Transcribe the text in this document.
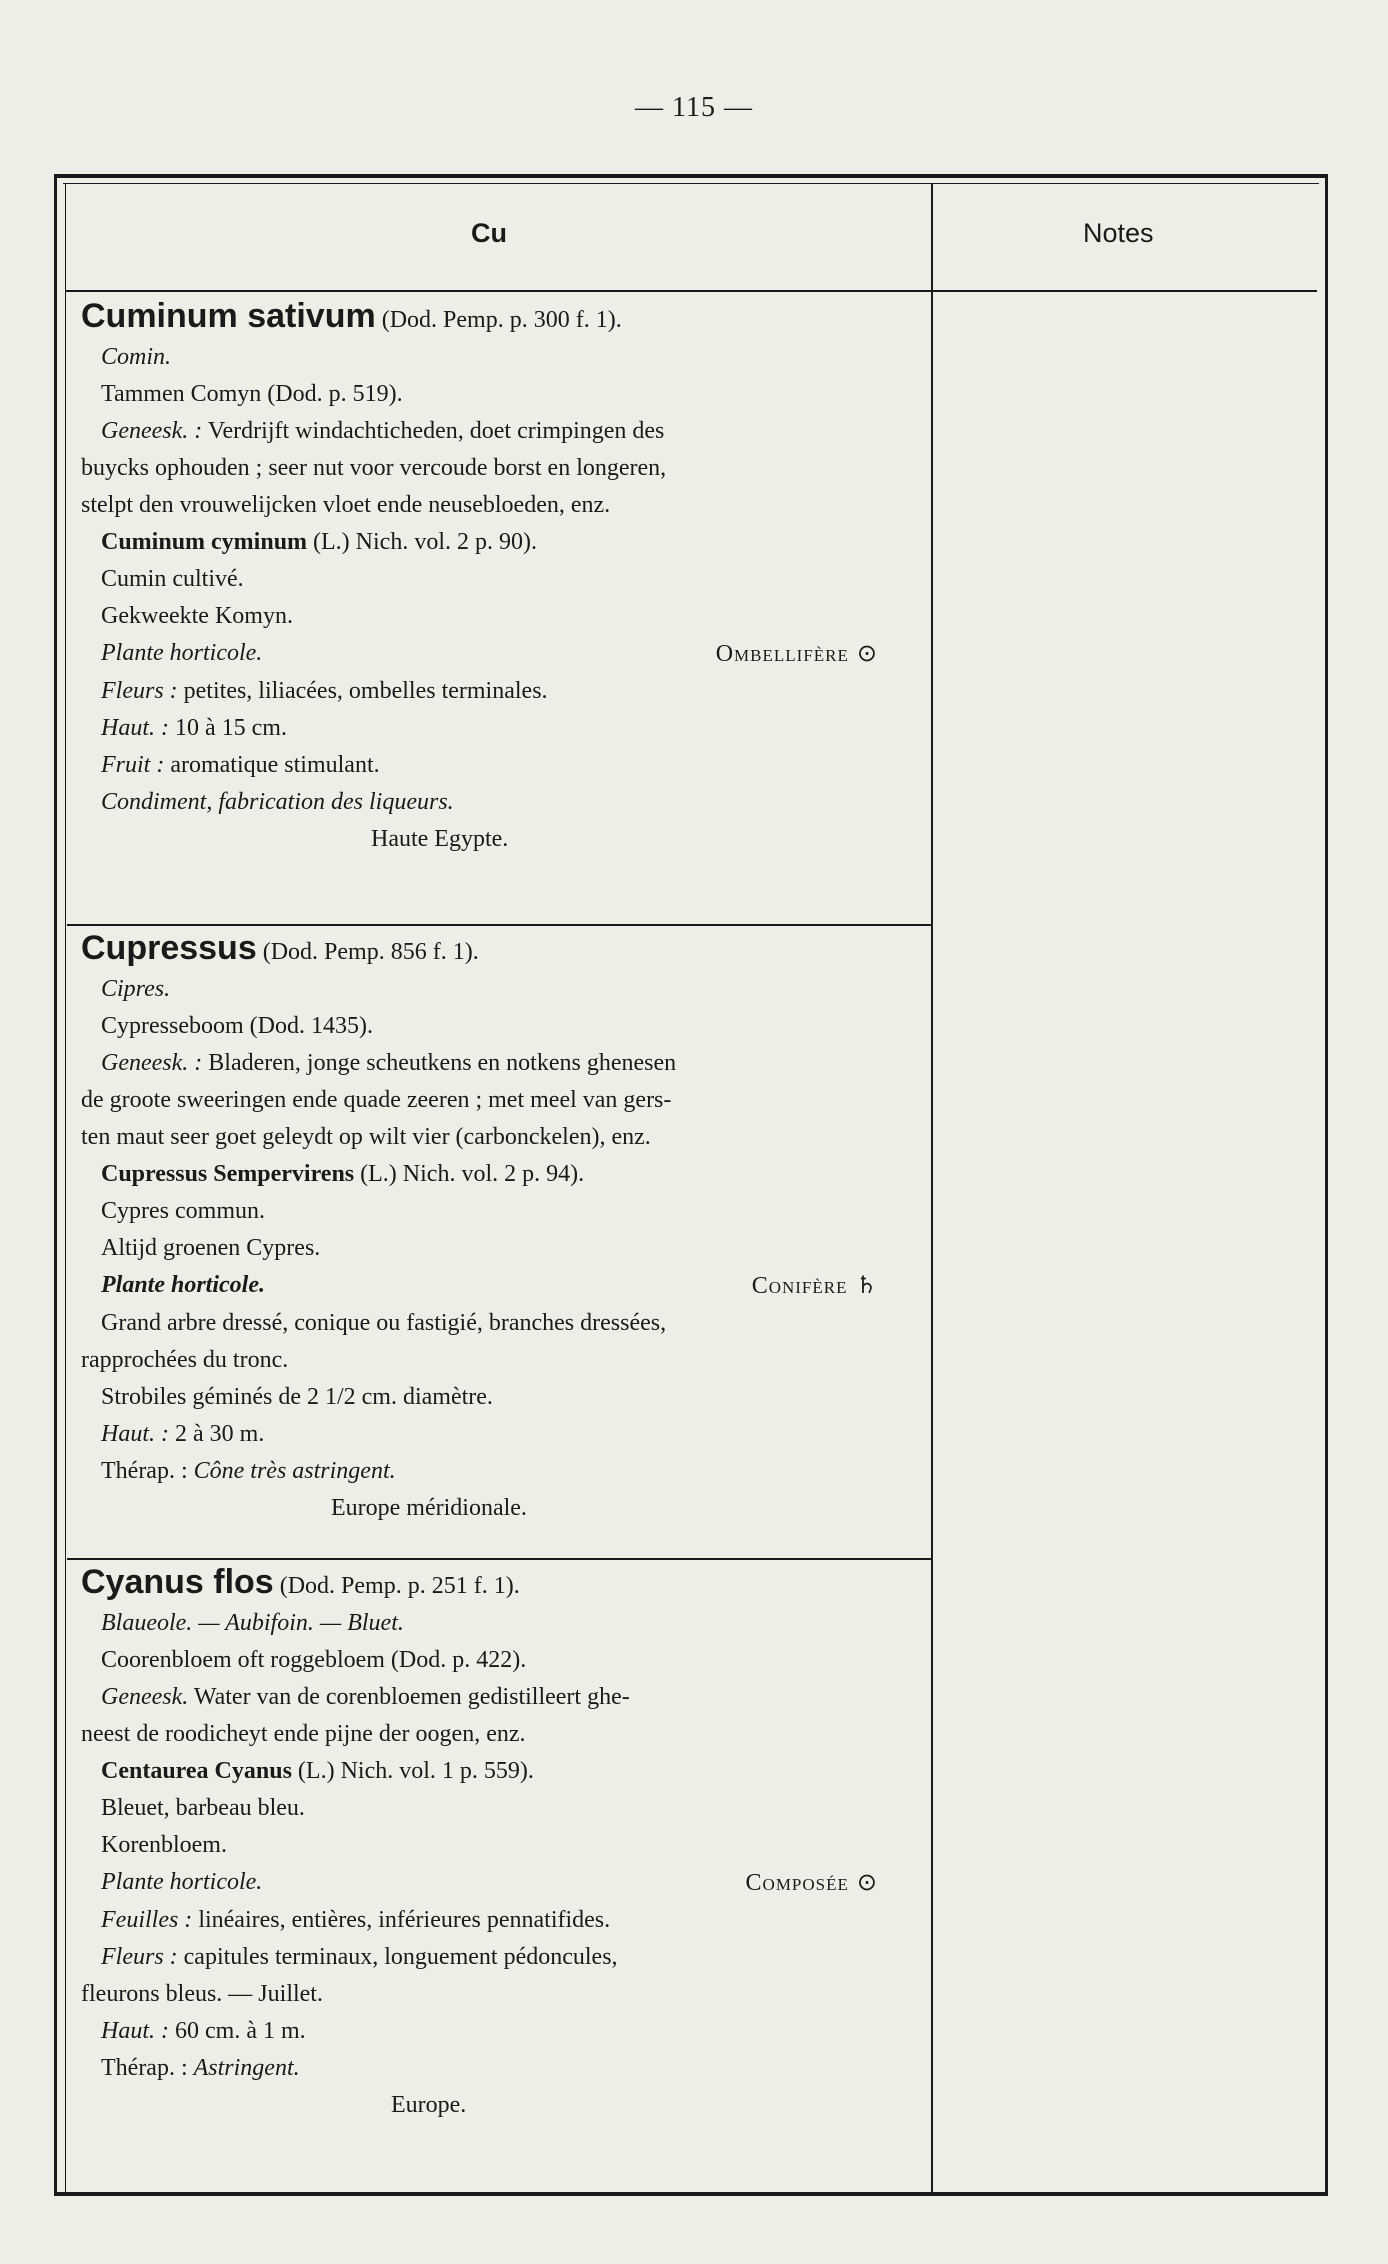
— 115 —
Cu	Notes
Cuminum sativum (Dod. Pemp. p. 300 f. 1).
Comin.
Tammen Comyn (Dod. p. 519).
Geneesk. : Verdrijft windachticheden, doet crimpingen des
buycks ophouden ; seer nut voor vercoude borst en longeren,
stelpt den vrouwelijcken vloet ende neusebloeden, enz.
Cuminum cyminum (L.) Nich. vol. 2 p. 90).
Cumin cultivé.
Gekweekte Komyn.
Plante horticole.	Ombellifère ⊙
Fleurs : petites, liliacées, ombelles terminales.
Haut. : 10 à 15 cm.
Fruit : aromatique stimulant.
Condiment, fabrication des liqueurs.
Haute Egypte.
Cupressus (Dod. Pemp. 856 f. 1).
Cipres.
Cypresseboom (Dod. 1435).
Geneesk. : Bladeren, jonge scheutkens en notkens ghenesen
de groote sweeringen ende quade zeeren ; met meel van gers-
ten maut seer goet geleydt op wilt vier (carbonckelen), enz.
Cupressus Sempervirens (L.) Nich. vol. 2 p. 94).
Cypres commun.
Altijd groenen Cypres.
Plante horticole.	Conifère ♄
Grand arbre dressé, conique ou fastigié, branches dressées,
rapprochées du tronc.
Strobiles géminés de 2 1/2 cm. diamètre.
Haut. : 2 à 30 m.
Thérap. : Cône très astringent.
Europe méridionale.
Cyanus flos (Dod. Pemp. p. 251 f. 1).
Blaueole. — Aubifoin. — Bluet.
Coorenbloem oft roggebloem (Dod. p. 422).
Geneesk. Water van de corenbloemen gedistilleert ghe-
neest de roodicheyt ende pijne der oogen, enz.
Centaurea Cyanus (L.) Nich. vol. 1 p. 559).
Bleuet, barbeau bleu.
Korenbloem.
Plante horticole.	Composée ⊙
Feuilles : linéaires, entières, inférieures pennatifides.
Fleurs : capitules terminaux, longuement pédoncules,
fleurons bleus. — Juillet.
Haut. : 60 cm. à 1 m.
Thérap. : Astringent.
Europe.
